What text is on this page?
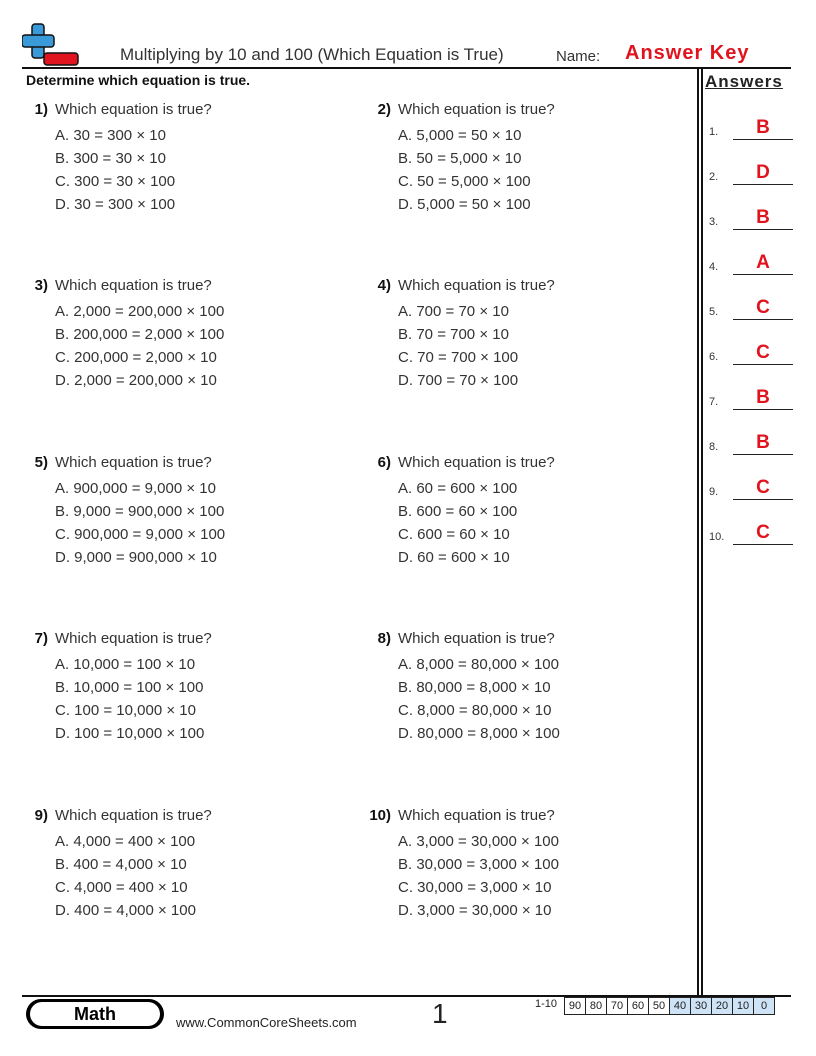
Multiplying by 10 and 100 (Which Equation is True)	Name: Answer Key
Determine which equation is true.	Answers
1) Which equation is true?
A. 30 = 300 × 10
B. 300 = 30 × 10
C. 300 = 30 × 100
D. 30 = 300 × 100
2) Which equation is true?
A. 5,000 = 50 × 10
B. 50 = 5,000 × 10
C. 50 = 5,000 × 100
D. 5,000 = 50 × 100
3) Which equation is true?
A. 2,000 = 200,000 × 100
B. 200,000 = 2,000 × 100
C. 200,000 = 2,000 × 10
D. 2,000 = 200,000 × 10
4) Which equation is true?
A. 700 = 70 × 10
B. 70 = 700 × 10
C. 70 = 700 × 100
D. 700 = 70 × 100
5) Which equation is true?
A. 900,000 = 9,000 × 10
B. 9,000 = 900,000 × 100
C. 900,000 = 9,000 × 100
D. 9,000 = 900,000 × 10
6) Which equation is true?
A. 60 = 600 × 100
B. 600 = 60 × 100
C. 600 = 60 × 10
D. 60 = 600 × 10
7) Which equation is true?
A. 10,000 = 100 × 10
B. 10,000 = 100 × 100
C. 100 = 10,000 × 10
D. 100 = 10,000 × 100
8) Which equation is true?
A. 8,000 = 80,000 × 100
B. 80,000 = 8,000 × 10
C. 8,000 = 80,000 × 10
D. 80,000 = 8,000 × 100
9) Which equation is true?
A. 4,000 = 400 × 100
B. 400 = 4,000 × 10
C. 4,000 = 400 × 10
D. 400 = 4,000 × 100
10) Which equation is true?
A. 3,000 = 30,000 × 100
B. 30,000 = 3,000 × 100
C. 30,000 = 3,000 × 10
D. 3,000 = 30,000 × 10
1.	B
2.	D
3.	B
4.	A
5.	C
6.	C
7.	B
8.	B
9.	C
10.	C
Math	www.CommonCoreSheets.com	1	1-10	90 80 70 60 50 40 30 20 10	0
